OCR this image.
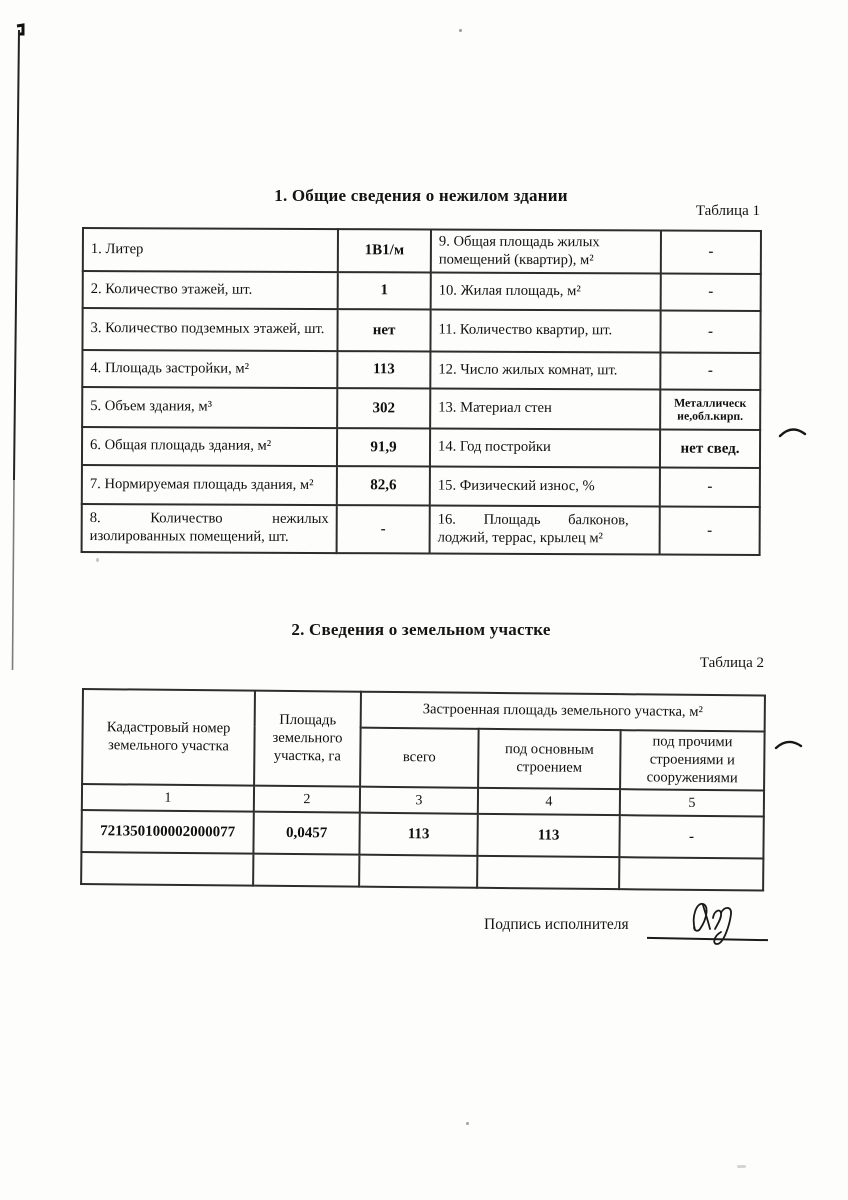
1. Общие сведения о нежилом здании
Таблица 1
1. Литер	1В1/м	9. Общая площадь жилых помещений (квартир), м²	-
2. Количество этажей, шт.	1	10. Жилая площадь, м²	-
3. Количество подземных этажей, шт.	нет	11. Количество квартир, шт.	-
4. Площадь застройки, м²	113	12. Число жилых комнат, шт.	-
5. Объем здания, м³	302	13. Материал стен	Металлическ
ие,обл.кирп.
6. Общая площадь здания, м²	91,9	14. Год постройки	нет свед.
7. Нормируемая площадь здания, м²	82,6	15. Физический износ, %	-
8. Количество нежилых изолированных помещений, шт.	-	16. Площадь балконов, лоджий, террас, крылец м²	-
2. Сведения о земельном участке
Таблица 2
Кадастровый номер земельного участка	Площадь земельного участка, га	Застроенная площадь земельного участка, м²		
		всего	под основным строением	под прочими строениями и сооружениями
1	2	3	4	5
721350100002000077	0,0457	113	113	-

Подпись исполнителя
